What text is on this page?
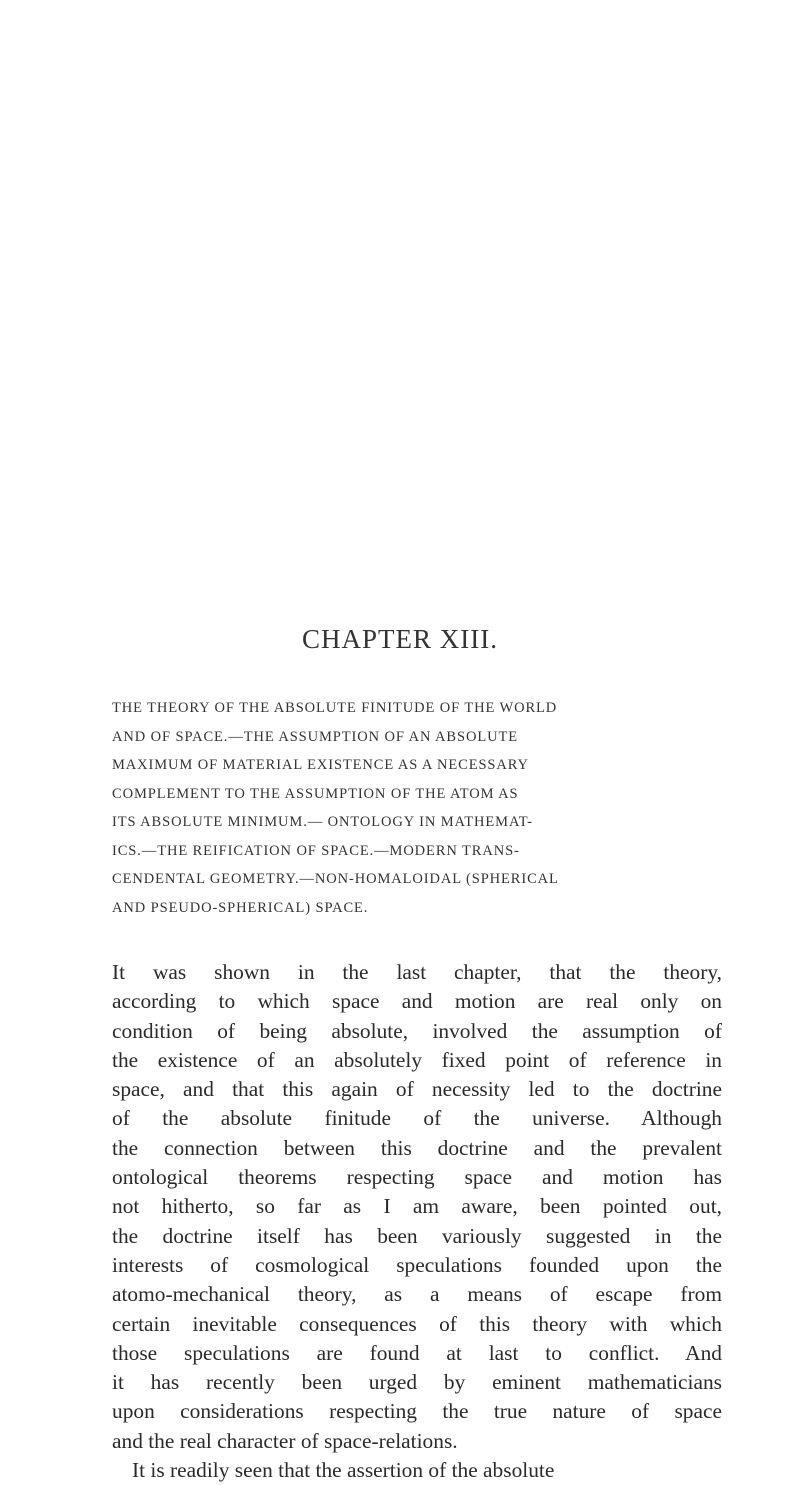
CHAPTER XIII.
THE THEORY OF THE ABSOLUTE FINITUDE OF THE WORLD
AND OF SPACE.—THE ASSUMPTION OF AN ABSOLUTE
MAXIMUM OF MATERIAL EXISTENCE AS A NECESSARY
COMPLEMENT TO THE ASSUMPTION OF THE ATOM AS
ITS ABSOLUTE MINIMUM.— ONTOLOGY IN MATHEMAT-
ICS.—THE REIFICATION OF SPACE.—MODERN TRANS-
CENDENTAL GEOMETRY.—NON-HOMALOIDAL (SPHERICAL
AND PSEUDO-SPHERICAL) SPACE.
It was shown in the last chapter, that the theory,
according to which space and motion are real only on
condition of being absolute, involved the assumption of
the existence of an absolutely fixed point of reference in
space, and that this again of necessity led to the doctrine
of the absolute finitude of the universe. Although
the connection between this doctrine and the prevalent
ontological theorems respecting space and motion has
not hitherto, so far as I am aware, been pointed out,
the doctrine itself has been variously suggested in the
interests of cosmological speculations founded upon the
atomo-mechanical theory, as a means of escape from
certain inevitable consequences of this theory with which
those speculations are found at last to conflict. And
it has recently been urged by eminent mathematicians
upon considerations respecting the true nature of space
and the real character of space-relations.
It is readily seen that the assertion of the absolute
